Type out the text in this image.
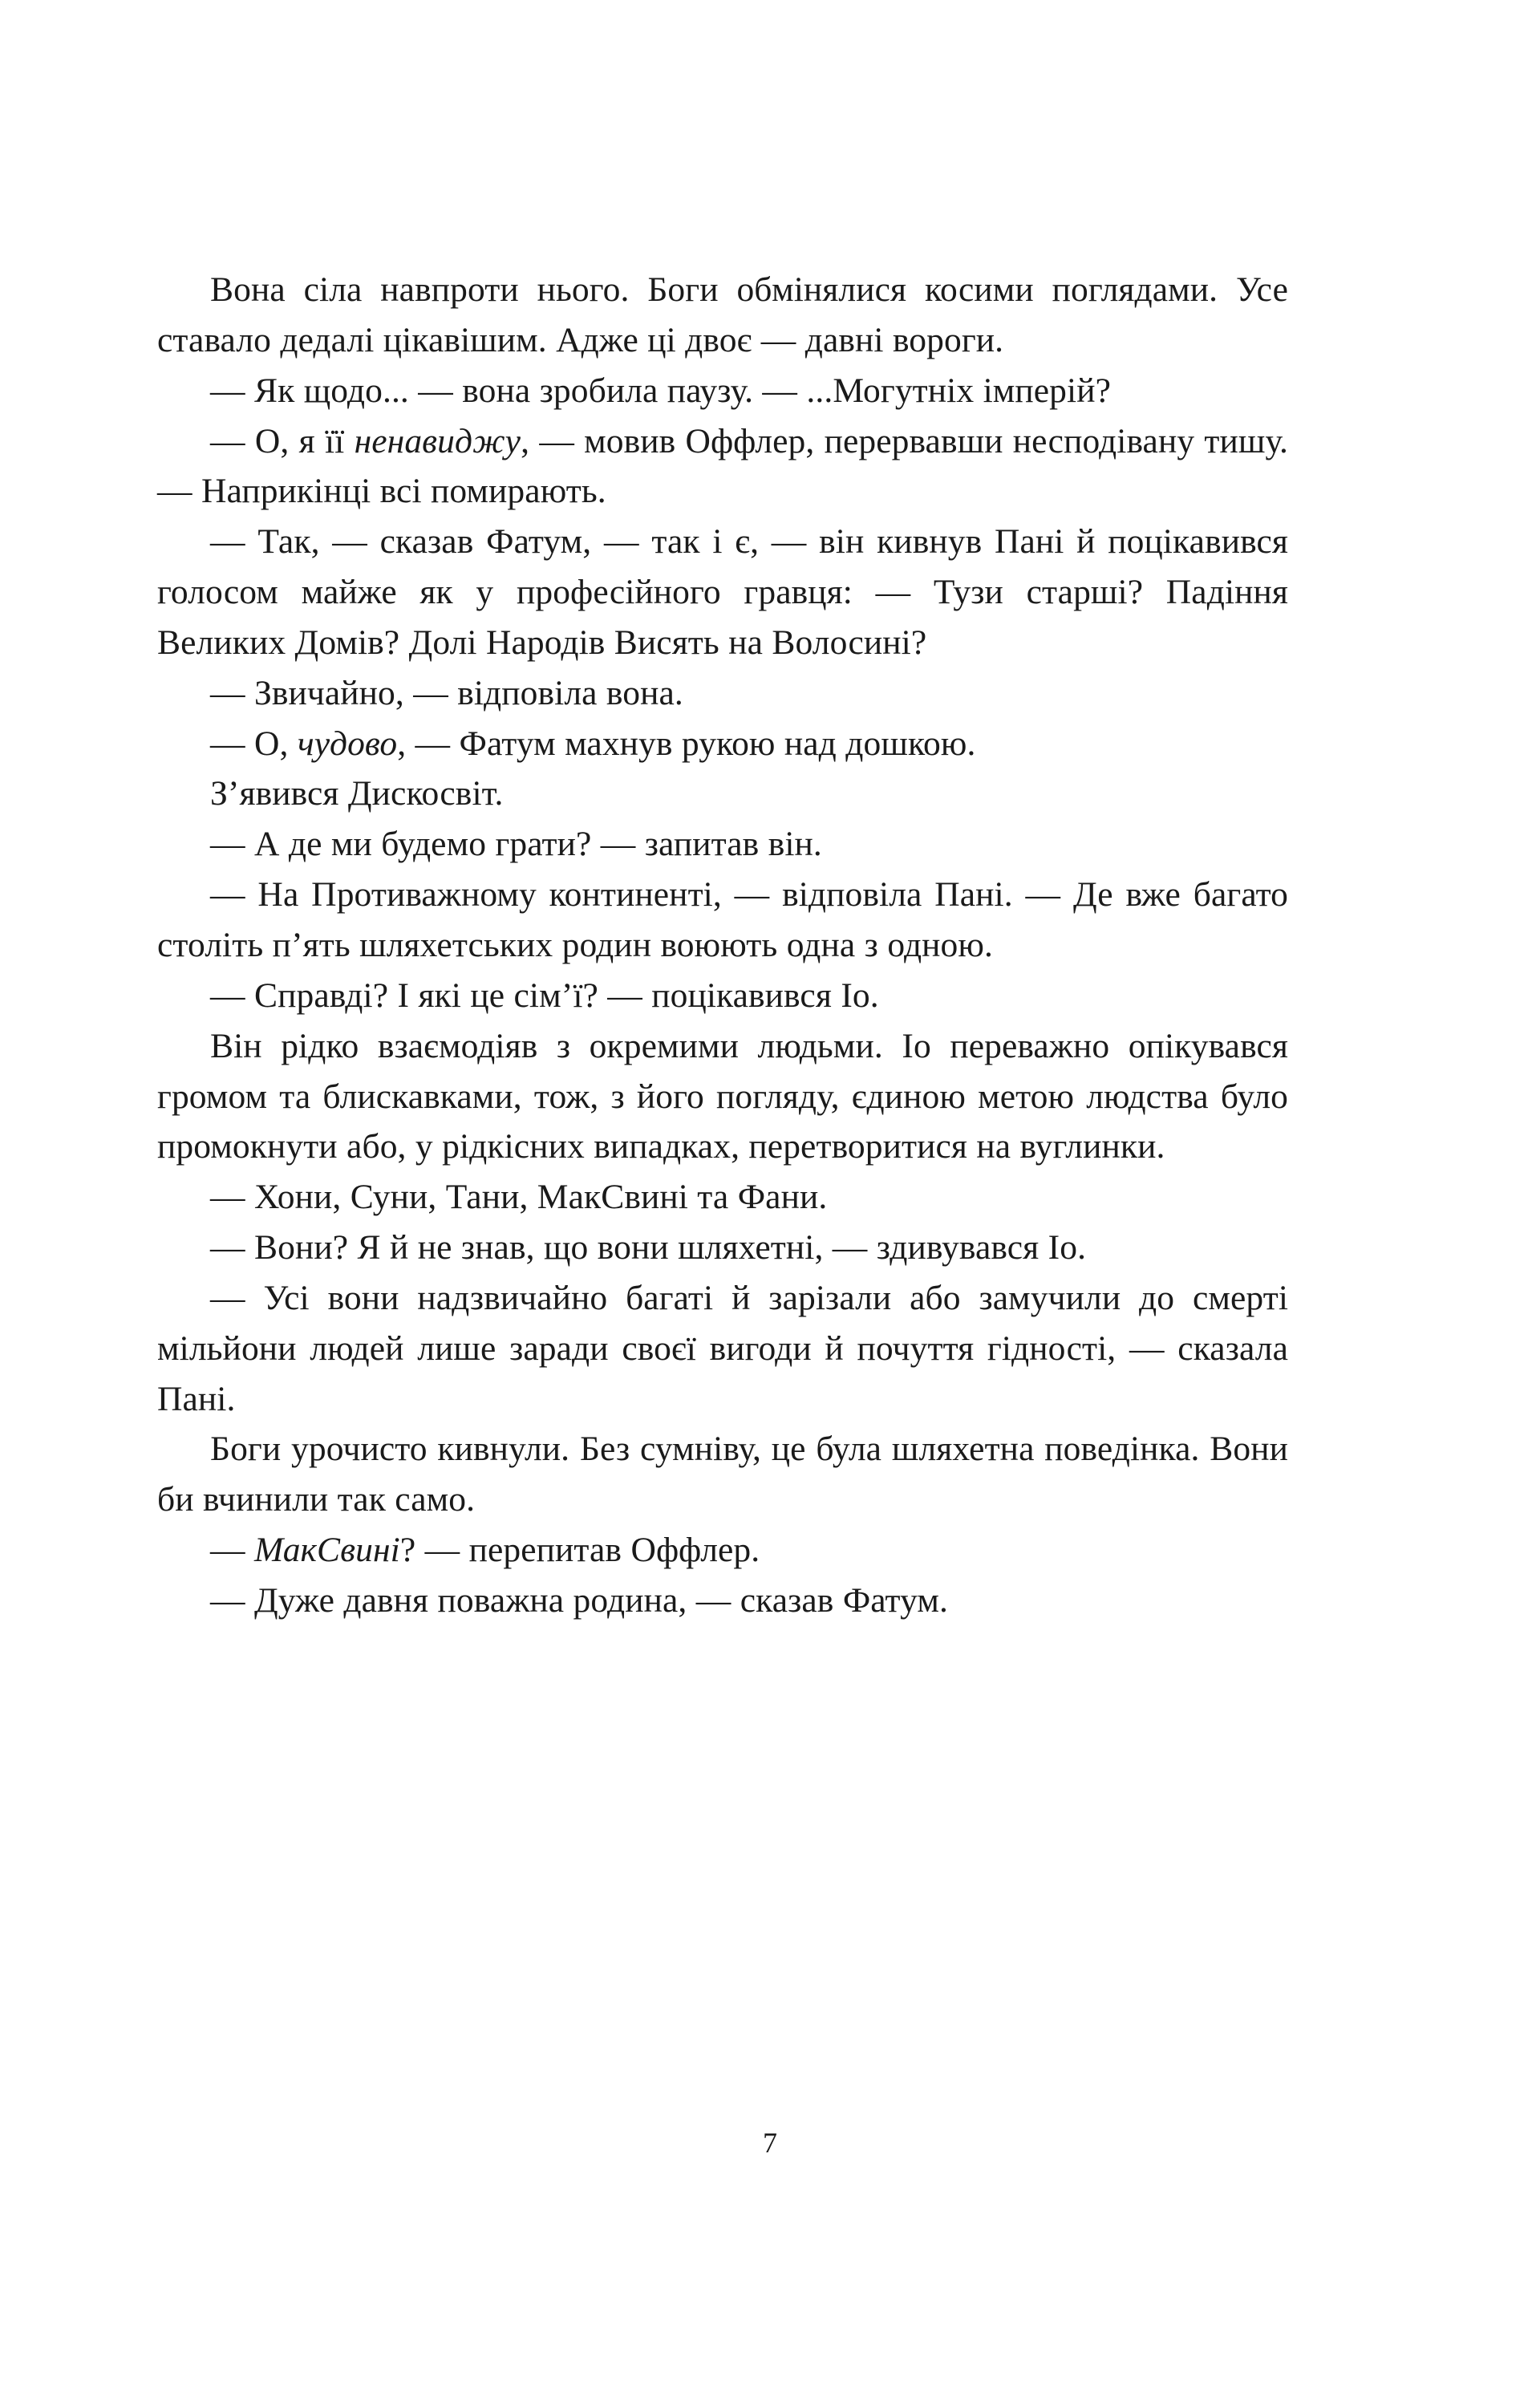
Вона сіла навпроти нього. Боги обмінялися косими поглядами. Усе ставало дедалі цікавішим. Адже ці двоє — давні вороги.

— Як щодо... — вона зробила паузу. — ...Могутніх імперій?

— О, я її ненавиджу, — мовив Оффлер, перервавши несподівану тишу. — Наприкінці всі помирають.

— Так, — сказав Фатум, — так і є, — він кивнув Пані й поцікавився голосом майже як у професійного гравця: — Тузи старші? Падіння Великих Домів? Долі Народів Висять на Волосині?

— Звичайно, — відповіла вона.

— О, чудово, — Фатум махнув рукою над дошкою.

З’явився Дискосвіт.

— А де ми будемо грати? — запитав він.

— На Противажному континенті, — відповіла Пані. — Де вже багато століть п’ять шляхетських родин воюють одна з одною.

— Справді? І які це сім’ї? — поцікавився Іо.

Він рідко взаємодіяв з окремими людьми. Іо переважно опікувався громом та блискавками, тож, з його погляду, єдиною метою людства було промокнути або, у рідкісних випадках, перетворитися на вуглинки.

— Хони, Суни, Тани, МакСвині та Фани.

— Вони? Я й не знав, що вони шляхетні, — здивувався Іо.

— Усі вони надзвичайно багаті й зарізали або замучили до смерті мільйони людей лише заради своєї вигоди й почуття гідності, — сказала Пані.

Боги урочисто кивнули. Без сумніву, це була шляхетна поведінка. Вони би вчинили так само.

— МакСвині? — перепитав Оффлер.

— Дуже давня поважна родина, — сказав Фатум.

7
